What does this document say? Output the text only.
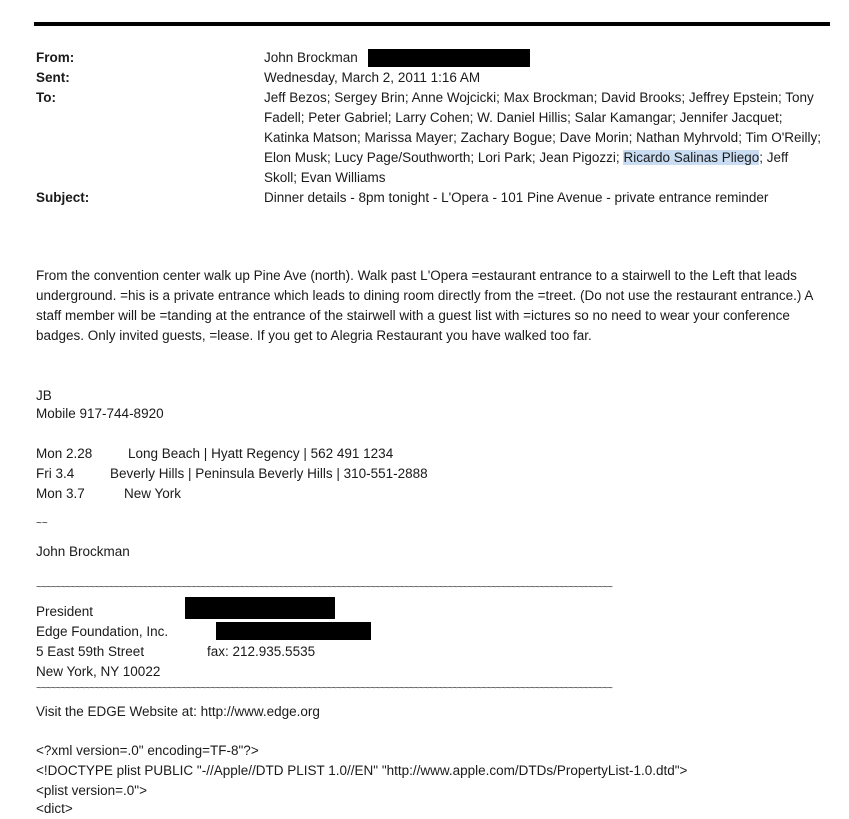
From:	John Brockman
Sent:	Wednesday, March 2, 2011 1:16 AM
To:	Jeff Bezos; Sergey Brin; Anne Wojcicki; Max Brockman; David Brooks; Jeffrey Epstein; Tony Fadell; Peter Gabriel; Larry Cohen; W. Daniel Hillis; Salar Kamangar; Jennifer Jacquet; Katinka Matson; Marissa Mayer; Zachary Bogue; Dave Morin; Nathan Myhrvold; Tim O'Reilly; Elon Musk; Lucy Page/Southworth; Lori Park; Jean Pigozzi; Ricardo Salinas Pliego; Jeff Skoll; Evan Williams
Subject:	Dinner details - 8pm tonight - L'Opera - 101 Pine Avenue - private entrance reminder
From the convention center walk up Pine Ave (north). Walk past L'Opera =estaurant entrance to a stairwell to the Left that leads underground. =his is a private entrance which leads to dining room directly from the =treet. (Do not use the restaurant entrance.) A staff member will be =tanding at the entrance of the stairwell with a guest list with =ictures so no need to wear your conference badges. Only invited guests, =lease. If you get to Alegria Restaurant you have walked too far.
JB
Mobile 917-744-8920
Mon 2.28	Long Beach | Hyatt Regency | 562 491 1234
Fri 3.4	Beverly Hills | Peninsula Beverly Hills | 310-551-2888
Mon 3.7	New York
~~
John Brockman
~~~~~~~~~~~~~~~~~~~~~~~~~~~~~~~~~~~~~~~~~~~~~~~~~~~~~~~~~~~~~~~~~~~~~~~~~~~~~~~~~~~~~~~~~~~~~~~~~~~~~~~~~~~~~~~~~~~~~~~
President
Edge Foundation, Inc.
5 East 59th Street	fax: 212.935.5535
New York, NY 10022
~~~~~~~~~~~~~~~~~~~~~~~~~~~~~~~~~~~~~~~~~~~~~~~~~~~~~~~~~~~~~~~~~~~~~~~~~~~~~~~~~~~~~~~~~~~~~~~~~~~~~~~~~~~~~~~~~~~~~~~
Visit the EDGE Website at: http://www.edge.org
<?xml version=.0" encoding=TF-8"?>
<!DOCTYPE plist PUBLIC "-//Apple//DTD PLIST 1.0//EN" "http://www.apple.com/DTDs/PropertyList-1.0.dtd">
<plist version=.0">
<dict>
